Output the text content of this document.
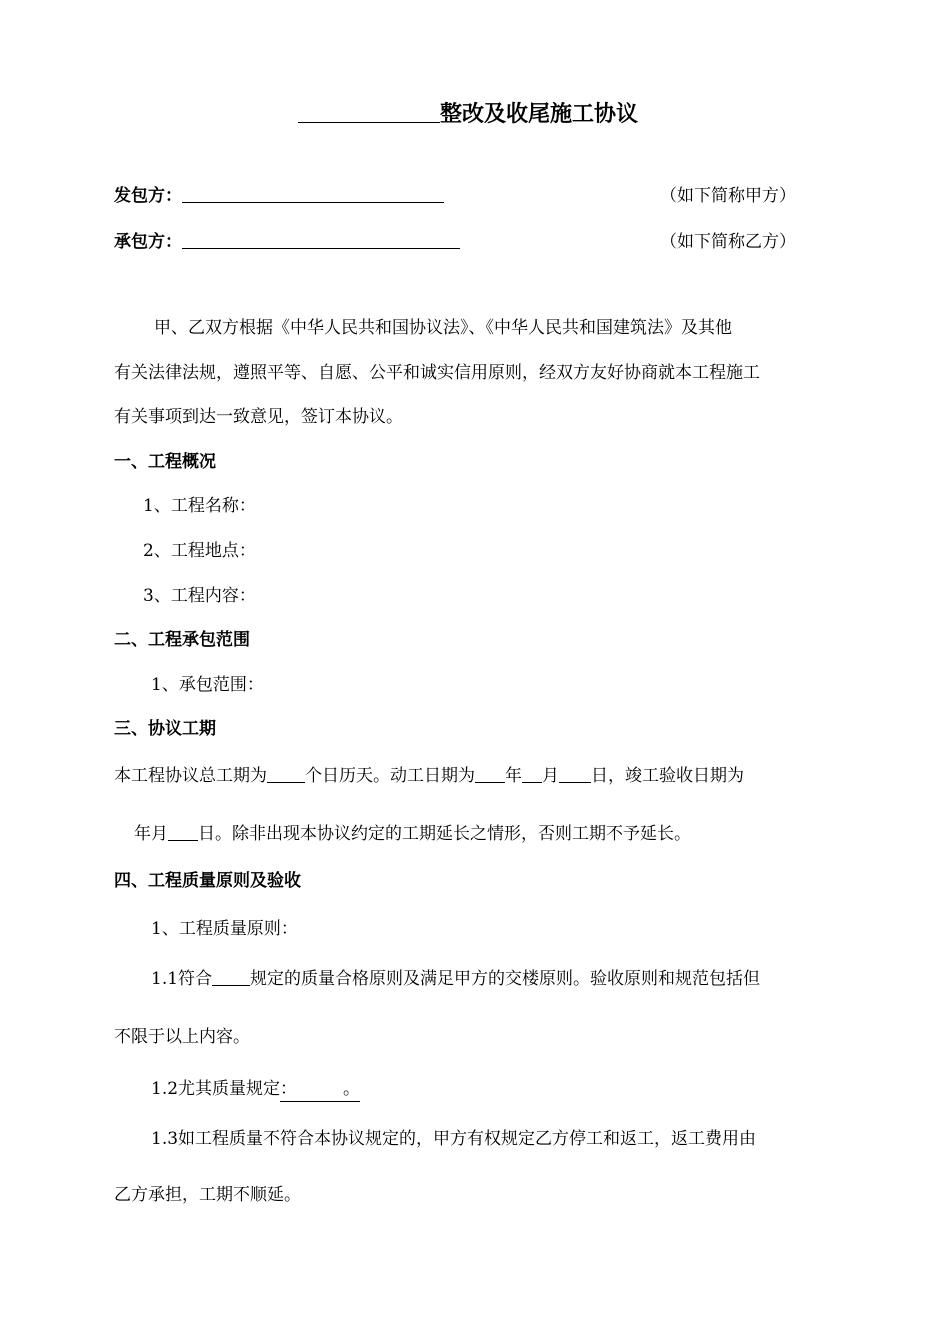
整改及收尾施工协议
发包方：	（如下简称甲方）
承包方：	（如下简称乙方）
甲、乙双方根据《中华人民共和国协议法》、《中华人民共和国建筑法》及其他
有关法律法规，遵照平等、自愿、公平和诚实信用原则，经双方友好协商就本工程施工
有关事项到达一致意见，签订本协议。
一、工程概况
1、工程名称：
2、工程地点：
3、工程内容：
二、工程承包范围
1、承包范围：
三、协议工期
本工程协议总工期为 个日历天。动工日期为 年 月 日，竣工验收日期为
年月 日。除非出现本协议约定的工期延长之情形，否则工期不予延长。
四、工程质量原则及验收
1、工程质量原则：
1.1符合 规定的质量合格原则及满足甲方的交楼原则。验收原则和规范包括但
不限于以上内容。
1.2尤其质量规定：	。
1.3如工程质量不符合本协议规定的，甲方有权规定乙方停工和返工，返工费用由
乙方承担，工期不顺延。
